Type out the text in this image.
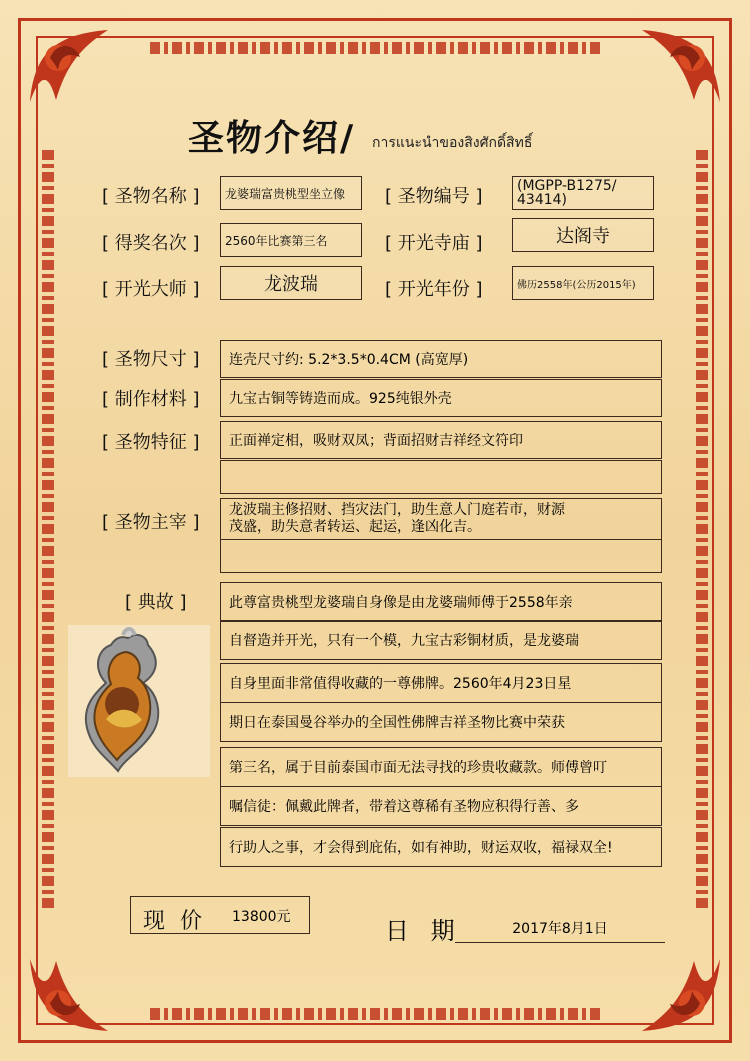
圣物介绍/ การแนะนำของสิงศักดิ์สิทธิ์
[ 圣物名称 ]	龙婆瑞富贵桃型坐立像	[ 圣物编号 ]	(MGPP-B1275/ 43414)
[ 得奖名次 ]	2560年比赛第三名	[ 开光寺庙 ]	达阁寺
[ 开光大师 ]	龙波瑞	[ 开光年份 ]	佛历2558年(公历2015年)
[ 圣物尺寸 ]	连壳尺寸约: 5.2*3.5*0.4CM (高宽厚)
[ 制作材料 ]	九宝古铜等铸造而成。925纯银外壳
[ 圣物特征 ]	正面禅定相，吸财双凤；背面招财吉祥经文符印
[ 圣物主宰 ]
龙波瑞主修招财、挡灾法门，助生意人门庭若市，财源
茂盛，助失意者转运、起运，逢凶化吉。
[ 典故 ]	此尊富贵桃型龙婆瑞自身像是由龙婆瑞师傅于2558年亲
自督造并开光，只有一个模，九宝古彩铜材质，是龙婆瑞
自身里面非常值得收藏的一尊佛牌。2560年4月23日星
期日在泰国曼谷举办的全国性佛牌吉祥圣物比赛中荣获
第三名，属于目前泰国市面无法寻找的珍贵收藏款。师傅曾叮
嘱信徒：佩戴此牌者，带着这尊稀有圣物应积得行善、多
行助人之事，才会得到庇佑，如有神助，财运双收，福禄双全!
现 价 13800元	日 期	2017年8月1日
